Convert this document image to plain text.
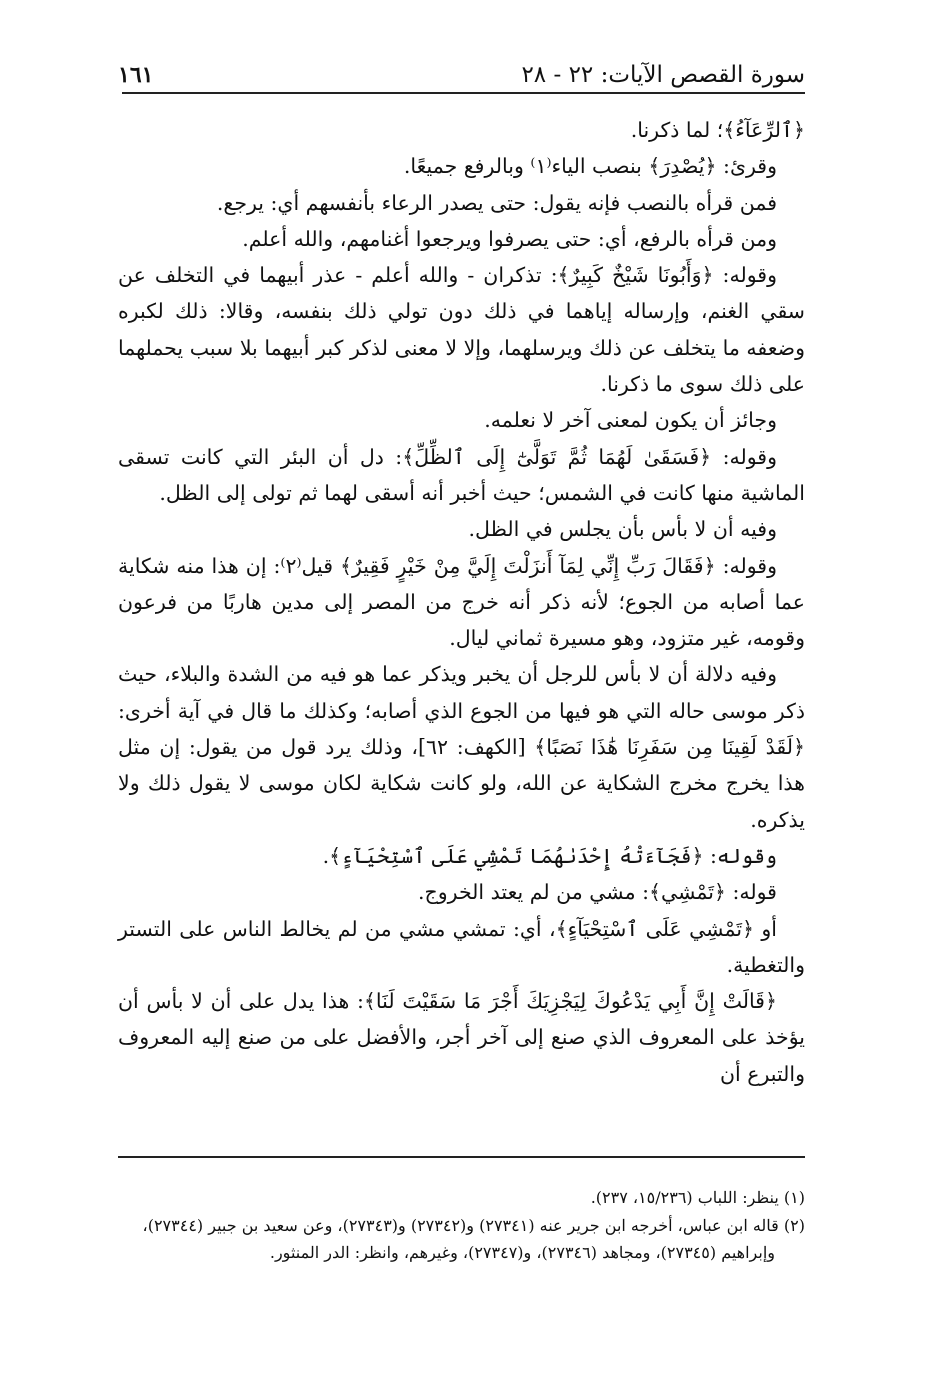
سورة القصص الآيات: ٢٢ - ٢٨
١٦١

﴿ٱلرِّعَآءُ﴾؛ لما ذكرنا.

وقرئ: ﴿يُصْدِرَ﴾ بنصب الياء⁽١⁾ وبالرفع جميعًا.

فمن قرأه بالنصب فإنه يقول: حتى يصدر الرعاء بأنفسهم أي: يرجع.

ومن قرأه بالرفع، أي: حتى يصرفوا ويرجعوا أغنامهم، والله أعلم.

وقوله: ﴿وَأَبُونَا شَيْخٌ كَبِيرٌ﴾: تذكران - والله أعلم - عذر أبيهما في التخلف عن سقي الغنم، وإرساله إياهما في ذلك دون تولي ذلك بنفسه، وقالا: ذلك لكبره وضعفه ما يتخلف عن ذلك ويرسلهما، وإلا لا معنى لذكر كبر أبيهما بلا سبب يحملهما على ذلك سوى ما ذكرنا.

وجائز أن يكون لمعنى آخر لا نعلمه.

وقوله: ﴿فَسَقَىٰ لَهُمَا ثُمَّ تَوَلَّىٰٓ إِلَى ٱلظِّلِّ﴾: دل أن البئر التي كانت تسقى الماشية منها كانت في الشمس؛ حيث أخبر أنه أسقى لهما ثم تولى إلى الظل.

وفيه أن لا بأس بأن يجلس في الظل.

وقوله: ﴿فَقَالَ رَبِّ إِنِّي لِمَآ أَنزَلْتَ إِلَيَّ مِنْ خَيْرٍ فَقِيرٌ﴾ قيل⁽٢⁾: إن هذا منه شكاية عما أصابه من الجوع؛ لأنه ذكر أنه خرج من المصر إلى مدين هاربًا من فرعون وقومه، غير متزود، وهو مسيرة ثماني ليال.

وفيه دلالة أن لا بأس للرجل أن يخبر ويذكر عما هو فيه من الشدة والبلاء، حيث ذكر موسى حاله التي هو فيها من الجوع الذي أصابه؛ وكذلك ما قال في آية أخرى: ﴿لَقَدْ لَقِينَا مِن سَفَرِنَا هَٰذَا نَصَبًا﴾ [الكهف: ٦٢]، وذلك يرد قول من يقول: إن مثل هذا يخرج مخرج الشكاية عن الله، ولو كانت شكاية لكان موسى لا يقول ذلك ولا يذكره.

وقوله: ﴿فَجَآءَتْهُ إِحْدَىٰهُمَا تَمْشِي عَلَى ٱسْتِحْيَآءٍ﴾.

قوله: ﴿تَمْشِي﴾: مشي من لم يعتد الخروج.

أو ﴿تَمْشِي عَلَى ٱسْتِحْيَآءٍ﴾، أي: تمشي مشي من لم يخالط الناس على التستر والتغطية.

﴿قَالَتْ إِنَّ أَبِي يَدْعُوكَ لِيَجْزِيَكَ أَجْرَ مَا سَقَيْتَ لَنَا﴾: هذا يدل على أن لا بأس أن يؤخذ على المعروف الذي صنع إلى آخر أجر، والأفضل على من صنع إليه المعروف والتبرع أن

(١) ينظر: اللباب (١٥/٢٣٦، ٢٣٧).

(٢) قاله ابن عباس، أخرجه ابن جرير عنه (٢٧٣٤١) و(٢٧٣٤٢) و(٢٧٣٤٣)، وعن سعيد بن جبير (٢٧٣٤٤)، وإبراهيم (٢٧٣٤٥)، ومجاهد (٢٧٣٤٦)، و(٢٧٣٤٧)، وغيرهم، وانظر: الدر المنثور.
